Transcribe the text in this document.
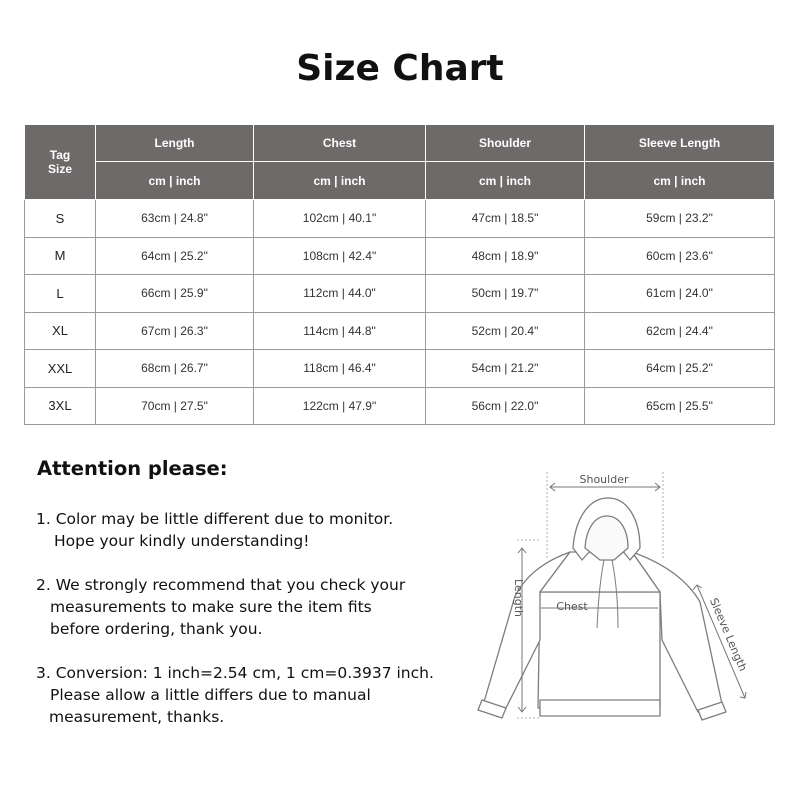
Size Chart
Tag
Size	Length	Chest	Shoulder	Sleeve Length
	cm | inch	cm | inch	cm | inch	cm | inch
S	63cm | 24.8"	102cm | 40.1"	47cm | 18.5"	59cm | 23.2"
M	64cm | 25.2"	108cm | 42.4"	48cm | 18.9"	60cm | 23.6"
L	66cm | 25.9"	112cm | 44.0"	50cm | 19.7"	61cm | 24.0"
XL	67cm | 26.3"	114cm | 44.8"	52cm | 20.4"	62cm | 24.4"
XXL	68cm | 26.7"	118cm | 46.4"	54cm | 21.2"	64cm | 25.2"
3XL	70cm | 27.5"	122cm | 47.9"	56cm | 22.0"	65cm | 25.5"
Attention please:
1. Color may be little different due to monitor.
Hope your kindly understanding!
2. We strongly recommend that you check your
measurements to make sure the item fits
before ordering, thank you.
3. Conversion: 1 inch=2.54 cm, 1 cm=0.3937 inch.
Please allow a little differs due to manual
measurement, thanks.
Shoulder
Chest
Length	Sleeve Length
